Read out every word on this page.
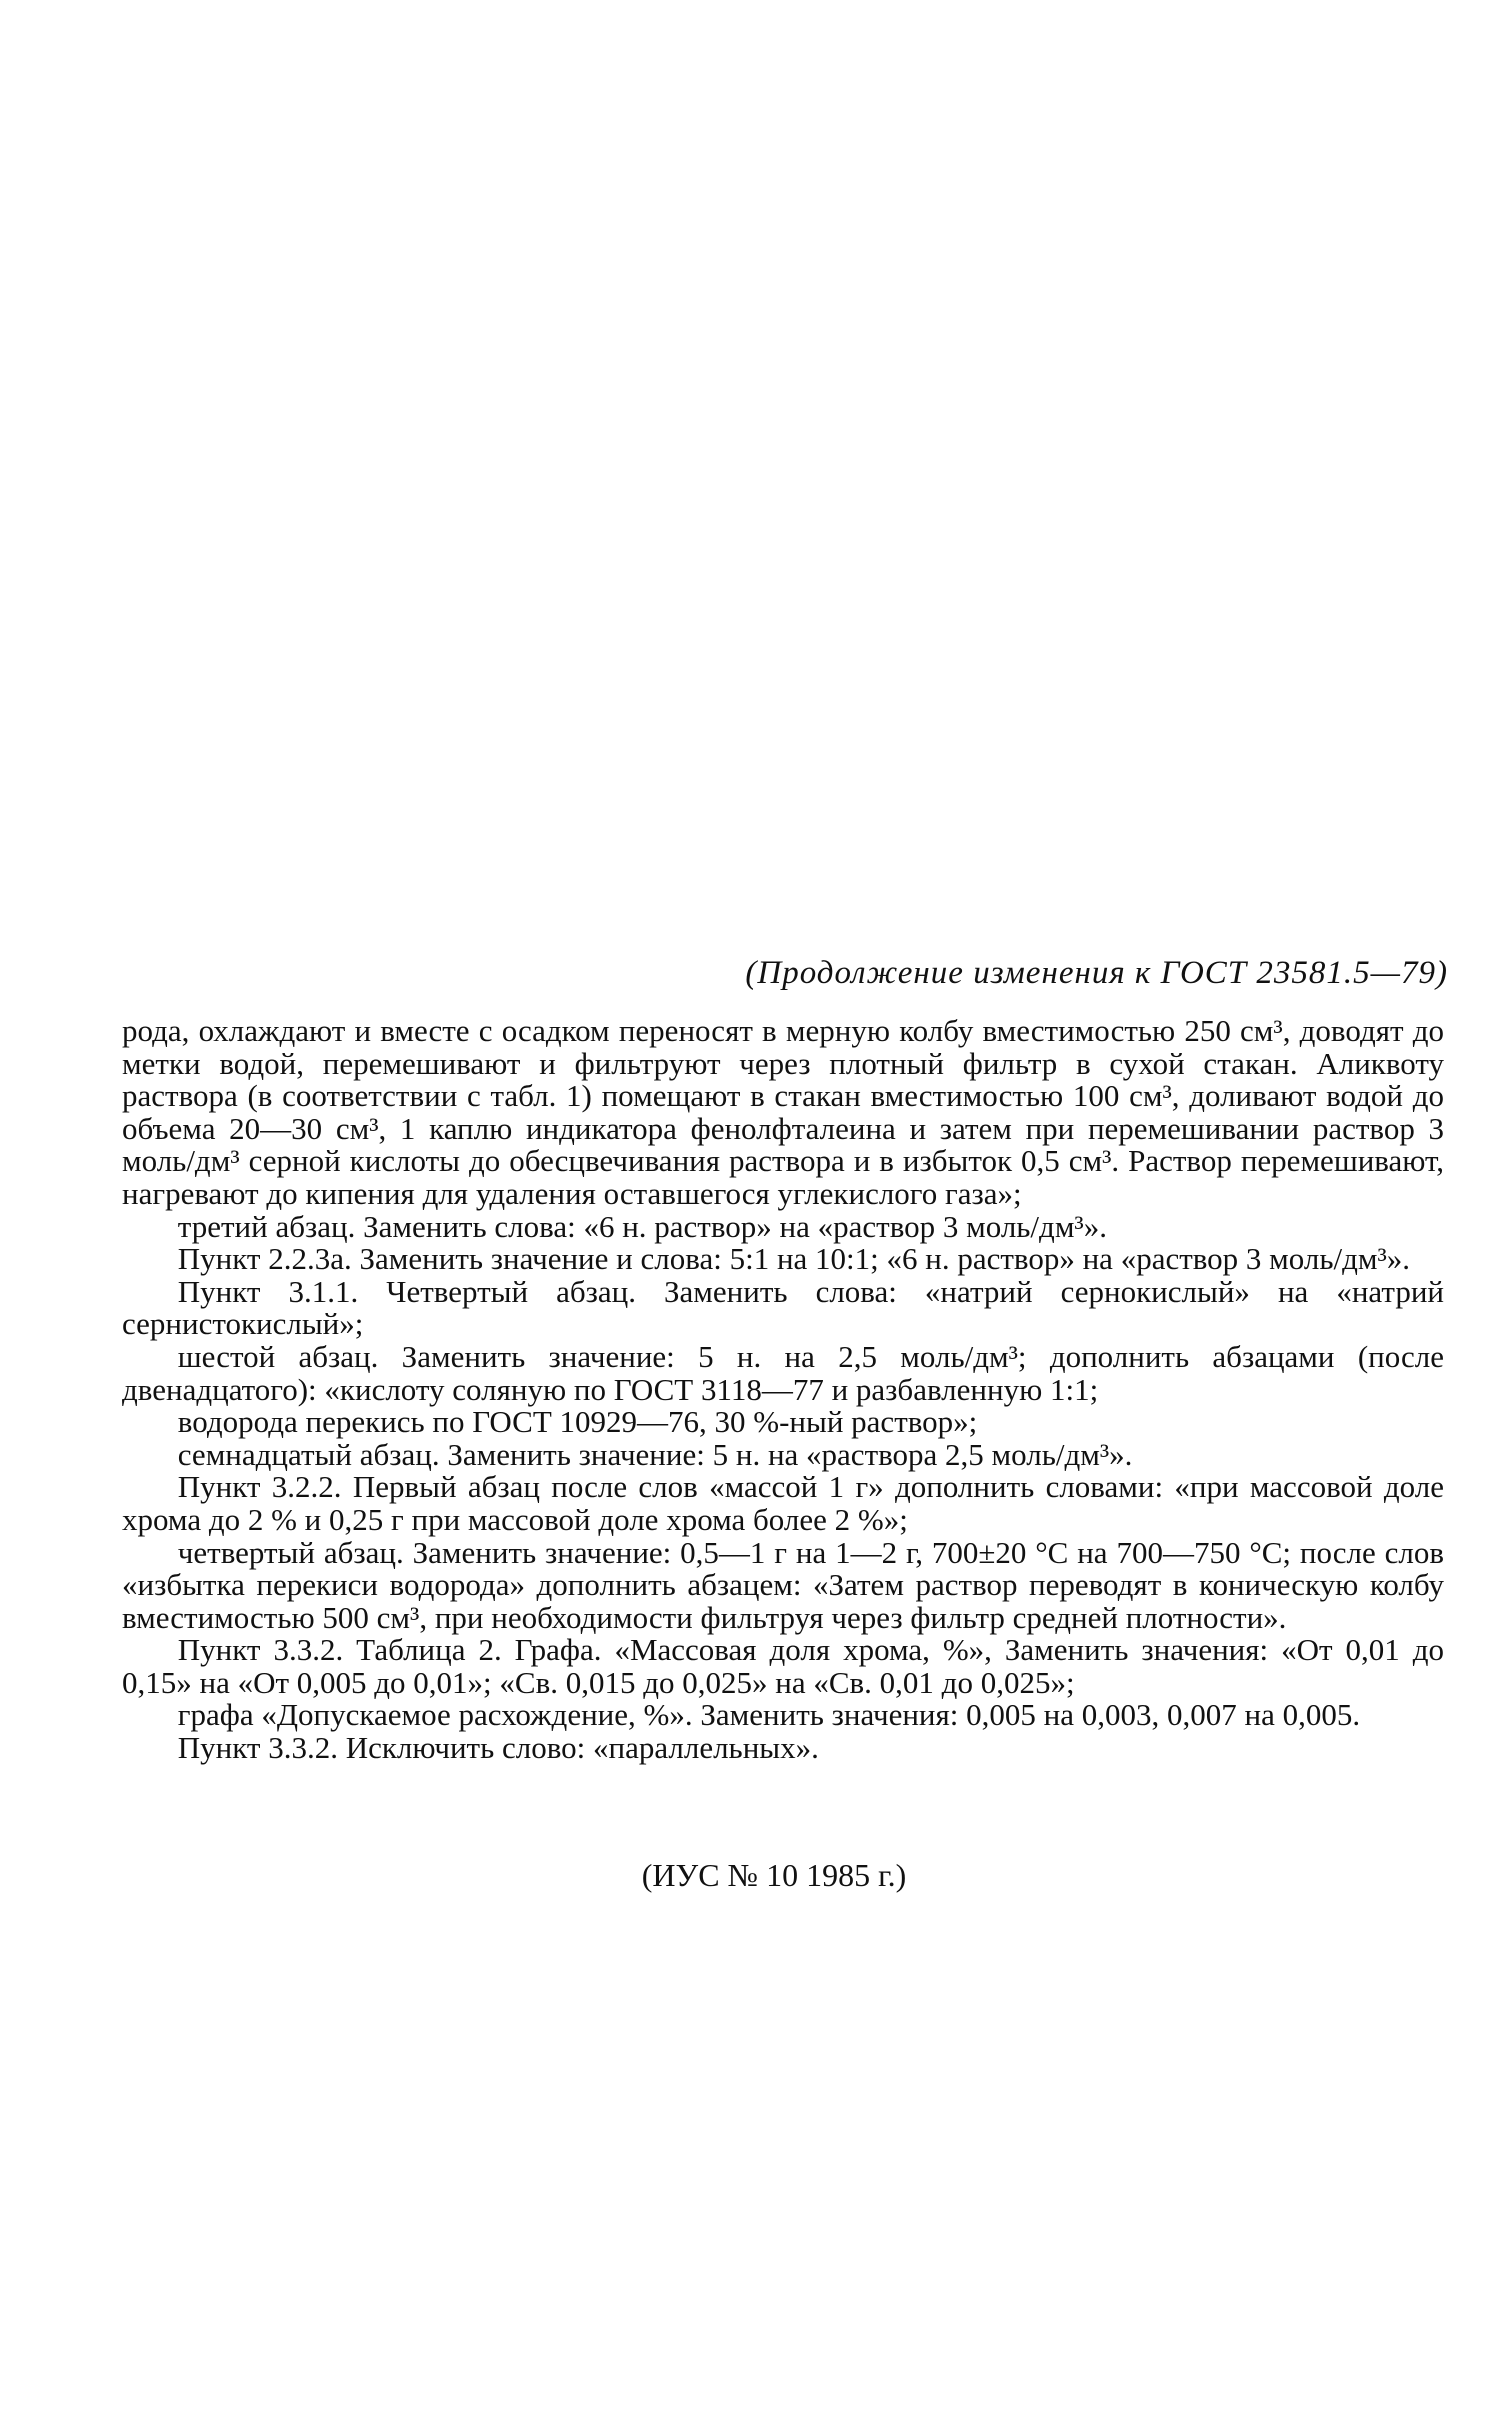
(Продолжение изменения к ГОСТ 23581.5—79)

рода, охлаждают и вместе с осадком переносят в мерную колбу вместимостью 250 см³, доводят до метки водой, перемешивают и фильтруют через плотный фильтр в сухой стакан. Аликвоту раствора (в соответствии с табл. 1) помещают в стакан вместимостью 100 см³, доливают водой до объема 20—30 см³, 1 каплю индикатора фенолфталеина и затем при перемешивании раствор 3 моль/дм³ серной кислоты до обесцвечивания раствора и в избыток 0,5 см³. Раствор перемешивают, нагревают до кипения для удаления оставшегося углекислого газа»;

третий абзац. Заменить слова: «6 н. раствор» на «раствор 3 моль/дм³».

Пункт 2.2.3а. Заменить значение и слова: 5:1 на 10:1; «6 н. раствор» на «раствор 3 моль/дм³».

Пункт 3.1.1. Четвертый абзац. Заменить слова: «натрий сернокислый» на «натрий сернистокислый»;

шестой абзац. Заменить значение: 5 н. на 2,5 моль/дм³; дополнить абзацами (после двенадцатого): «кислоту соляную по ГОСТ 3118—77 и разбавленную 1:1;

водорода перекись по ГОСТ 10929—76, 30 %-ный раствор»;

семнадцатый абзац. Заменить значение: 5 н. на «раствора 2,5 моль/дм³».

Пункт 3.2.2. Первый абзац после слов «массой 1 г» дополнить словами: «при массовой доле хрома до 2 % и 0,25 г при массовой доле хрома более 2 %»;

четвертый абзац. Заменить значение: 0,5—1 г на 1—2 г, 700±20 °С на 700—750 °С; после слов «избытка перекиси водорода» дополнить абзацем: «Затем раствор переводят в коническую колбу вместимостью 500 см³, при необходимости фильтруя через фильтр средней плотности».

Пункт 3.3.2. Таблица 2. Графа. «Массовая доля хрома, %», Заменить значения: «От 0,01 до 0,15» на «От 0,005 до 0,01»; «Св. 0,015 до 0,025» на «Св. 0,01 до 0,025»;

графа «Допускаемое расхождение, %». Заменить значения: 0,005 на 0,003, 0,007 на 0,005.

Пункт 3.3.2. Исключить слово: «параллельных».

(ИУС № 10 1985 г.)
